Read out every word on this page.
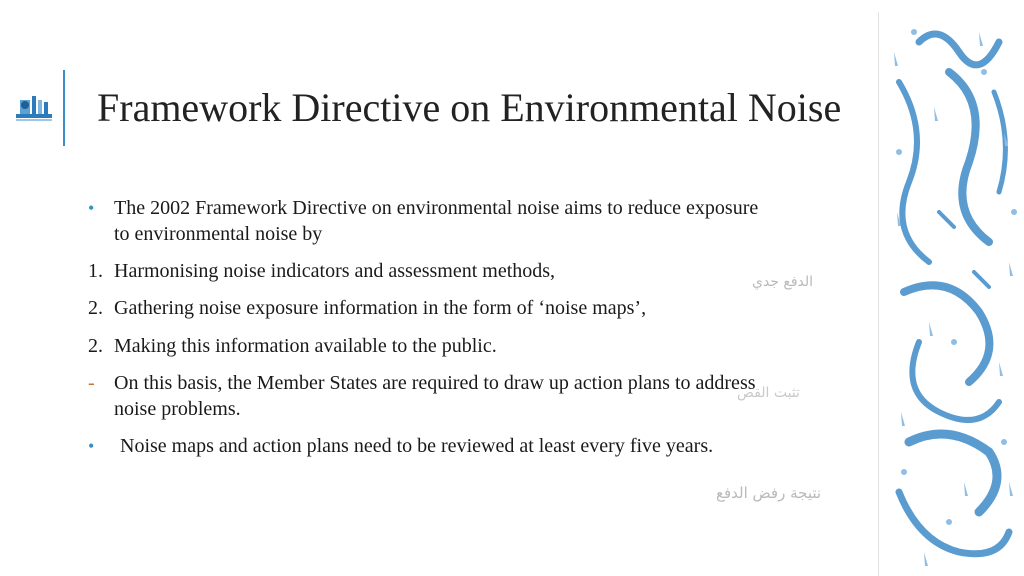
Framework Directive on Environmental Noise
• The 2002 Framework Directive on environmental noise aims to reduce exposure
to environmental noise by
1. Harmonising noise indicators and assessment methods,
2. Gathering noise exposure information in the form of ‘noise maps’,
2. Making this information available to the public.
- On this basis, the Member States are required to draw up action plans to address
noise problems.
•	Noise maps and action plans need to be reviewed at least every five years.
الدفع جدي
تثبت القص
نتيجة رفض الدفع
